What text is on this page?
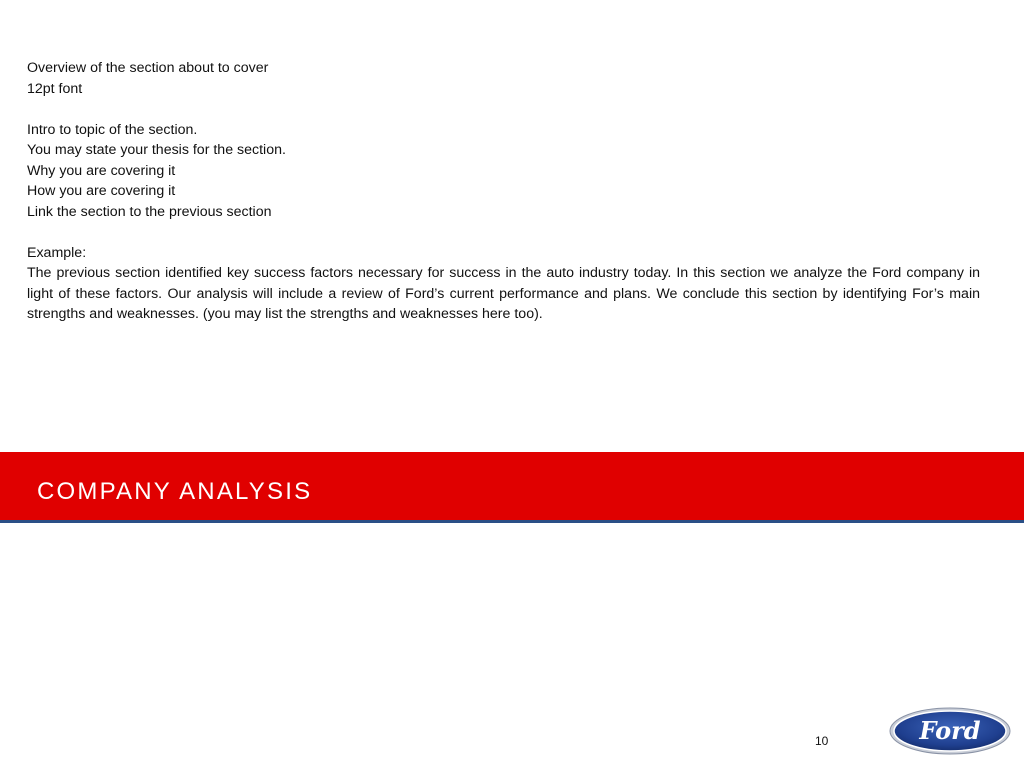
Overview of the section about to cover
12pt font
Intro to topic of the section.
You may state your thesis for the section.
Why you are covering it
How you are covering it
Link the section to the previous section
Example:
The previous section identified key success factors necessary for success in the auto industry today. In this section we analyze the Ford company in light of these factors. Our analysis will include a review of Ford’s current performance and plans. We conclude this section by identifying For’s main strengths and weaknesses. (you may list the strengths and weaknesses here too).
COMPANY ANALYSIS
10	Ford
